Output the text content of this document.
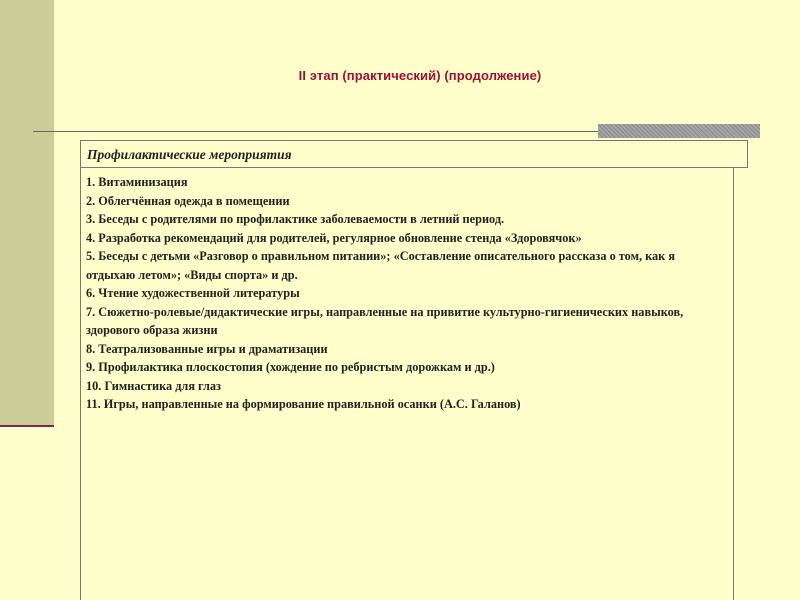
II этап (практический) (продолжение)
Профилактические мероприятия
1. Витаминизация
2. Облегчённая одежда в помещении
3. Беседы с родителями по профилактике заболеваемости в летний период.
4. Разработка рекомендаций для родителей, регулярное обновление стенда «Здоровячок»
5. Беседы с детьми «Разговор о правильном питании»; «Составление описательного рассказа о том, как я отдыхаю летом»; «Виды спорта» и др.
6. Чтение художественной литературы
7. Сюжетно-ролевые/дидактические игры, направленные на привитие культурно-гигиенических навыков, здорового образа жизни
8. Театрализованные игры и драматизации
9. Профилактика плоскостопия (хождение по ребристым дорожкам и др.)
10. Гимнастика для глаз
11. Игры, направленные на формирование правильной осанки (А.С. Галанов)
